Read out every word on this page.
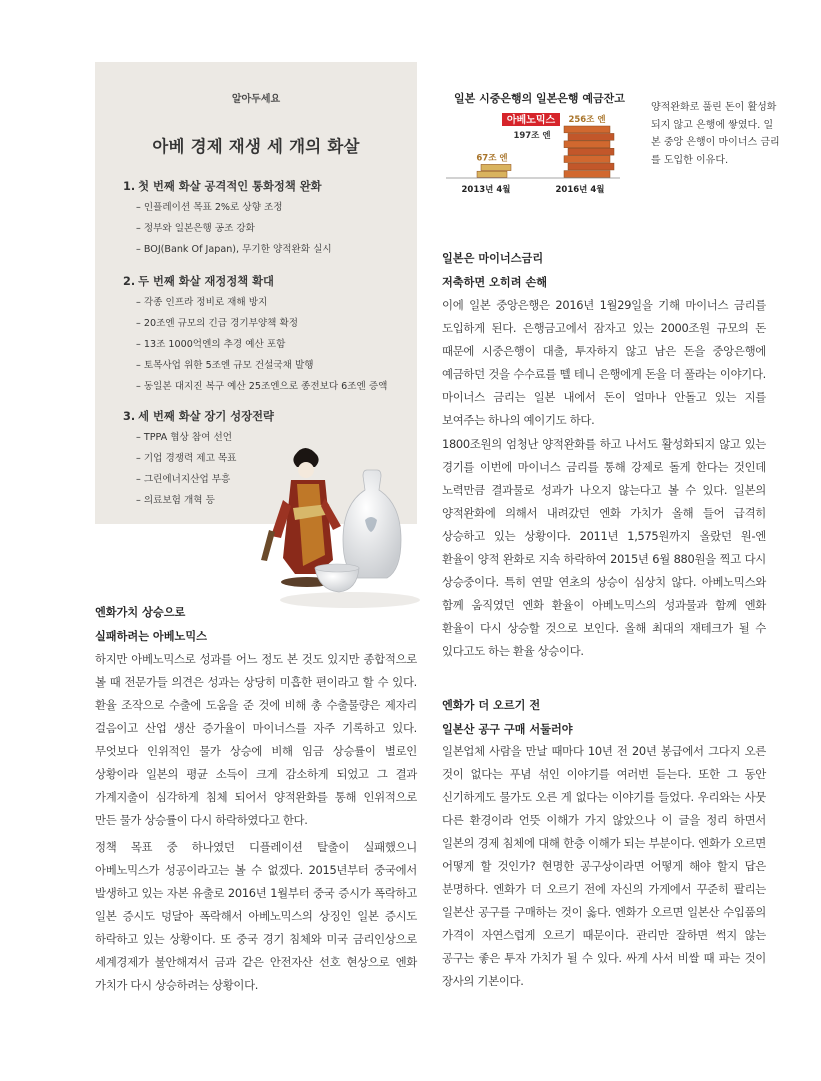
알아두세요
아베 경제 재생 세 개의 화살
1. 첫 번째 화살 공격적인 통화정책 완화
– 인플레이션 목표 2%로 상향 조정
– 정부와 일본은행 공조 강화
– BOJ(Bank Of Japan), 무기한 양적완화 실시
2. 두 번째 화살 재정정책 확대
– 각종 인프라 정비로 재해 방지
– 20조엔 규모의 긴급 경기부양책 확정
– 13조 1000억엔의 추경 예산 포함
– 토목사업 위한 5조엔 규모 건설국채 발행
– 동일본 대지진 복구 예산 25조엔으로 종전보다 6조엔 증액
3. 세 번째 화살 장기 성장전략
– TPPA 협상 참여 선언
– 기업 경쟁력 제고 목표
– 그린에너지산업 부흥
– 의료보험 개혁 등
엔화가치 상승으로
실패하려는 아베노믹스
하지만 아베노믹스로 성과를 어느 정도 본 것도 있지만 종합적으로 볼 때 전문가들 의견은 성과는 상당히 미흡한 편이라고 할 수 있다. 환율 조작으로 수출에 도움을 준 것에 비해 총 수출물량은 제자리 걸음이고 산업 생산 증가율이 마이너스를 자주 기록하고 있다. 무엇보다 인위적인 물가 상승에 비해 임금 상승률이 별로인 상황이라 일본의 평균 소득이 크게 감소하게 되었고 그 결과 가계지출이 심각하게 침체 되어서 양적완화를 통해 인위적으로 만든 물가 상승률이 다시 하락하였다고 한다.
정책 목표 중 하나였던 디플레이션 탈출이 실패했으니 아베노믹스가 성공이라고는 볼 수 없겠다. 2015년부터 중국에서 발생하고 있는 자본 유출로 2016년 1월부터 중국 증시가 폭락하고 일본 증시도 덩달아 폭락해서 아베노믹스의 상징인 일본 증시도 하락하고 있는 상황이다. 또 중국 경기 침체와 미국 금리인상으로 세계경제가 불안해져서 금과 같은 안전자산 선호 현상으로 엔화 가치가 다시 상승하려는 상황이다.
일본 시중은행의 일본은행 예금잔고
아베노믹스
197조 엔
67조 엔
256조 엔
2013년 4월	2016년 4월
양적완화로 풀린 돈이 활성화 되지 않고 은행에 쌓였다. 일본 중앙 은행이 마이너스 금리를 도입한 이유다.
일본은 마이너스금리
저축하면 오히려 손해
이에 일본 중앙은행은 2016년 1월29일을 기해 마이너스 금리를 도입하게 된다. 은행금고에서 잠자고 있는 2000조원 규모의 돈 때문에 시중은행이 대출, 투자하지 않고 남은 돈을 중앙은행에 예금하던 것을 수수료를 뗄 테니 은행에게 돈을 더 풀라는 이야기다. 마이너스 금리는 일본 내에서 돈이 얼마나 안돌고 있는 지를 보여주는 하나의 예이기도 하다.
1800조원의 엄청난 양적완화를 하고 나서도 활성화되지 않고 있는 경기를 이번에 마이너스 금리를 통해 강제로 돌게 한다는 것인데 노력만큼 결과물로 성과가 나오지 않는다고 볼 수 있다. 일본의 양적완화에 의해서 내려갔던 엔화 가치가 올해 들어 급격히 상승하고 있는 상황이다. 2011년 1,575원까지 올랐던 원-엔 환율이 양적 완화로 지속 하락하여 2015년 6월 880원을 찍고 다시 상승중이다. 특히 연말 연초의 상승이 심상치 않다. 아베노믹스와 함께 움직였던 엔화 환율이 아베노믹스의 성과물과 함께 엔화 환율이 다시 상승할 것으로 보인다. 올해 최대의 재테크가 될 수 있다고도 하는 환율 상승이다.
엔화가 더 오르기 전
일본산 공구 구매 서둘러야
일본업체 사람을 만날 때마다 10년 전 20년 봉급에서 그다지 오른 것이 없다는 푸념 섞인 이야기를 여러번 듣는다. 또한 그 동안 신기하게도 물가도 오른 게 없다는 이야기를 들었다. 우리와는 사뭇 다른 환경이라 언뜻 이해가 가지 않았으나 이 글을 정리 하면서 일본의 경제 침체에 대해 한층 이해가 되는 부분이다. 엔화가 오르면 어떻게 할 것인가? 현명한 공구상이라면 어떻게 해야 할지 답은 분명하다. 엔화가 더 오르기 전에 자신의 가게에서 꾸준히 팔리는 일본산 공구를 구매하는 것이 옳다. 엔화가 오르면 일본산 수입품의 가격이 자연스럽게 오르기 때문이다. 관리만 잘하면 썩지 않는 공구는 좋은 투자 가치가 될 수 있다. 싸게 사서 비쌀 때 파는 것이 장사의 기본이다.
